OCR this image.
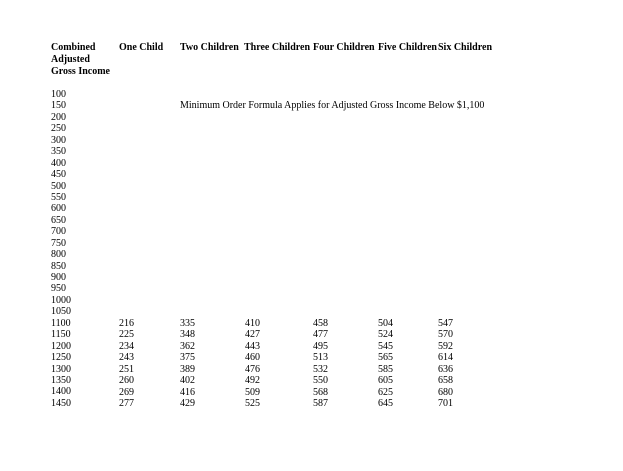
Combined
Adjusted
Gross Income
One Child Two Children Three Children Four Children Five Children Six Children
100
150
200
250
300
350
400
450
500
550
600
650
700
750
800
850
900
950
1000
1050
1100
1150
1200
1250
1300
1350
1400
1450
Minimum Order Formula Applies for Adjusted Gross Income Below $1,100
216
225
234
243
251
260
269
277
335
348
362
375
389
402
416
429
410
427
443
460
476
492
509
525
458
477
495
513
532
550
568
587
504
524
545
565
585
605
625
645
547
570
592
614
636
658
680
701
